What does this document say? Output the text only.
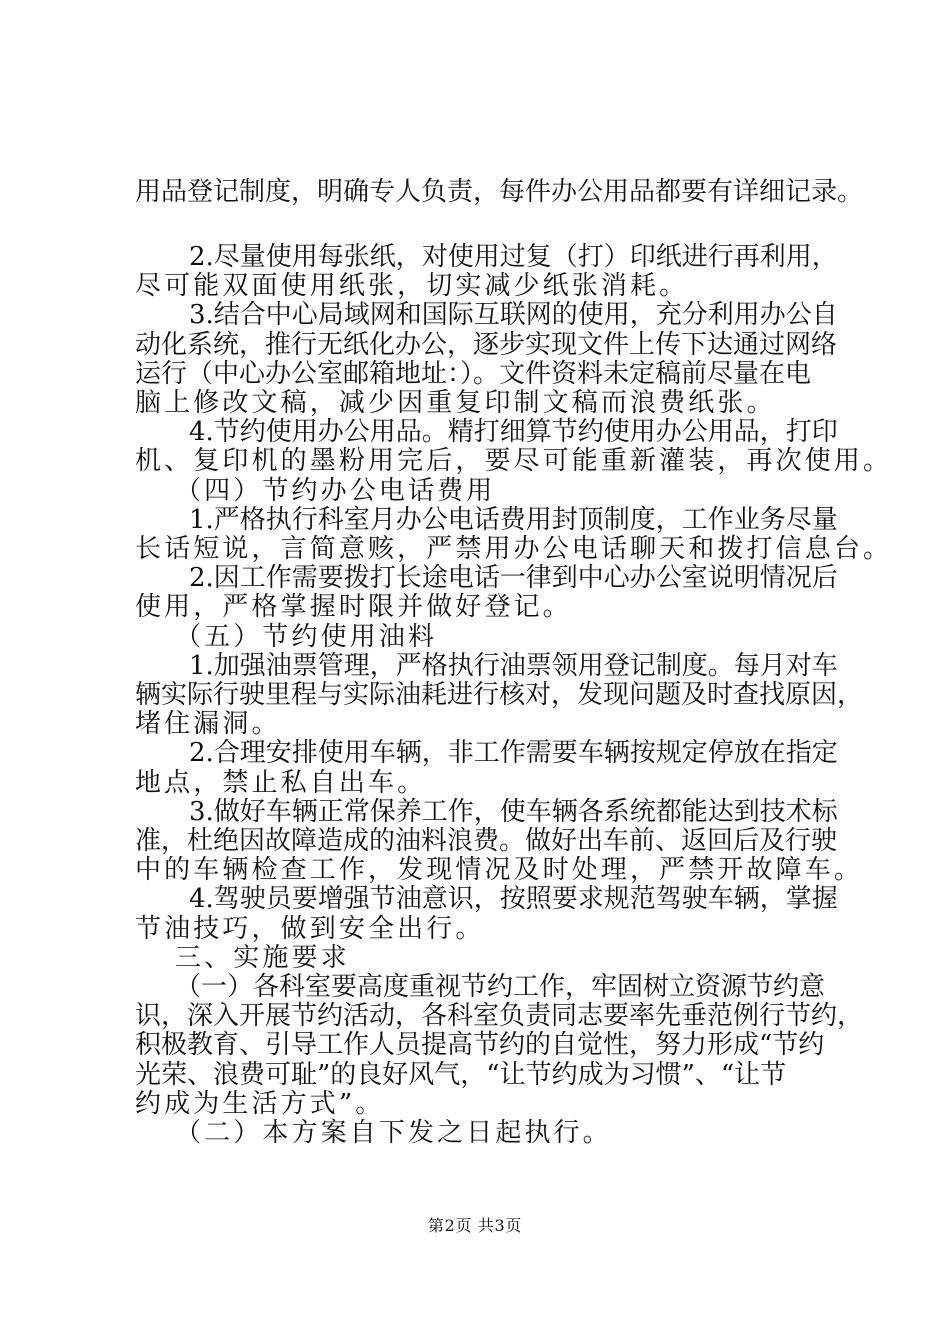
用品登记制度，明确专人负责，每件办公用品都要有详细记录。
2.尽量使用每张纸，对使用过复（打）印纸进行再利用，
尽可能双面使用纸张，切实减少纸张消耗。
3.结合中心局域网和国际互联网的使用，充分利用办公自
动化系统，推行无纸化办公，逐步实现文件上传下达通过网络
运行（中心办公室邮箱地址：）。文件资料未定稿前尽量在电
脑上修改文稿，减少因重复印制文稿而浪费纸张。
4.节约使用办公用品。精打细算节约使用办公用品，打印
机、复印机的墨粉用完后，要尽可能重新灌装，再次使用。
（四）节约办公电话费用
1.严格执行科室月办公电话费用封顶制度，工作业务尽量
长话短说，言简意赅，严禁用办公电话聊天和拨打信息台。
2.因工作需要拨打长途电话一律到中心办公室说明情况后
使用，严格掌握时限并做好登记。
（五）节约使用油料
1.加强油票管理，严格执行油票领用登记制度。每月对车
辆实际行驶里程与实际油耗进行核对，发现问题及时查找原因，
堵住漏洞。
2.合理安排使用车辆，非工作需要车辆按规定停放在指定
地点，禁止私自出车。
3.做好车辆正常保养工作，使车辆各系统都能达到技术标
准，杜绝因故障造成的油料浪费。做好出车前、返回后及行驶
中的车辆检查工作，发现情况及时处理，严禁开故障车。
4.驾驶员要增强节油意识，按照要求规范驾驶车辆，掌握
节油技巧，做到安全出行。
三、实施要求
（一）各科室要高度重视节约工作，牢固树立资源节约意
识，深入开展节约活动，各科室负责同志要率先垂范例行节约，
积极教育、引导工作人员提高节约的自觉性，努力形成“节约
光荣、浪费可耻”的良好风气，“让节约成为习惯”、“让节
约成为生活方式”。
（二）本方案自下发之日起执行。
第2页 共3页
